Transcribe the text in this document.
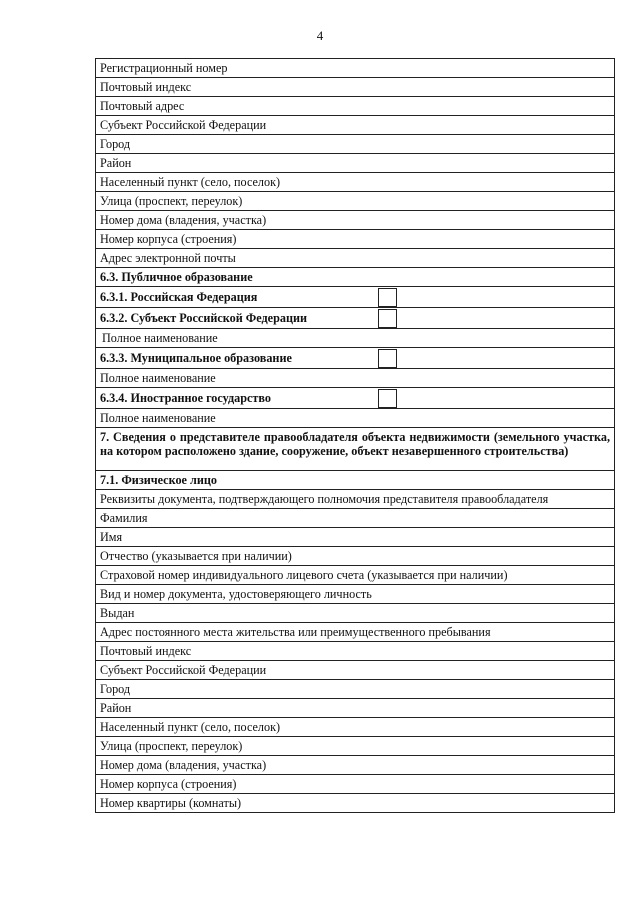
4
Регистрационный номер
Почтовый индекс
Почтовый адрес
Субъект Российской Федерации
Город
Район
Населенный пункт (село, поселок)
Улица (проспект, переулок)
Номер дома (владения, участка)
Номер корпуса (строения)
Адрес электронной почты
6.3. Публичное образование
6.3.1. Российская Федерация
6.3.2. Субъект Российской Федерации
Полное наименование
6.3.3. Муниципальное образование
Полное наименование
6.3.4. Иностранное государство
Полное наименование
7. Сведения о представителе правообладателя объекта недвижимости (земельного участка, на котором расположено здание, сооружение, объект незавершенного строительства)
7.1. Физическое лицо
Реквизиты документа, подтверждающего полномочия представителя правообладателя
Фамилия
Имя
Отчество (указывается при наличии)
Страховой номер индивидуального лицевого счета (указывается при наличии)
Вид и номер документа, удостоверяющего личность
Выдан
Адрес постоянного места жительства или преимущественного пребывания
Почтовый индекс
Субъект Российской Федерации
Город
Район
Населенный пункт (село, поселок)
Улица (проспект, переулок)
Номер дома (владения, участка)
Номер корпуса (строения)
Номер квартиры (комнаты)
